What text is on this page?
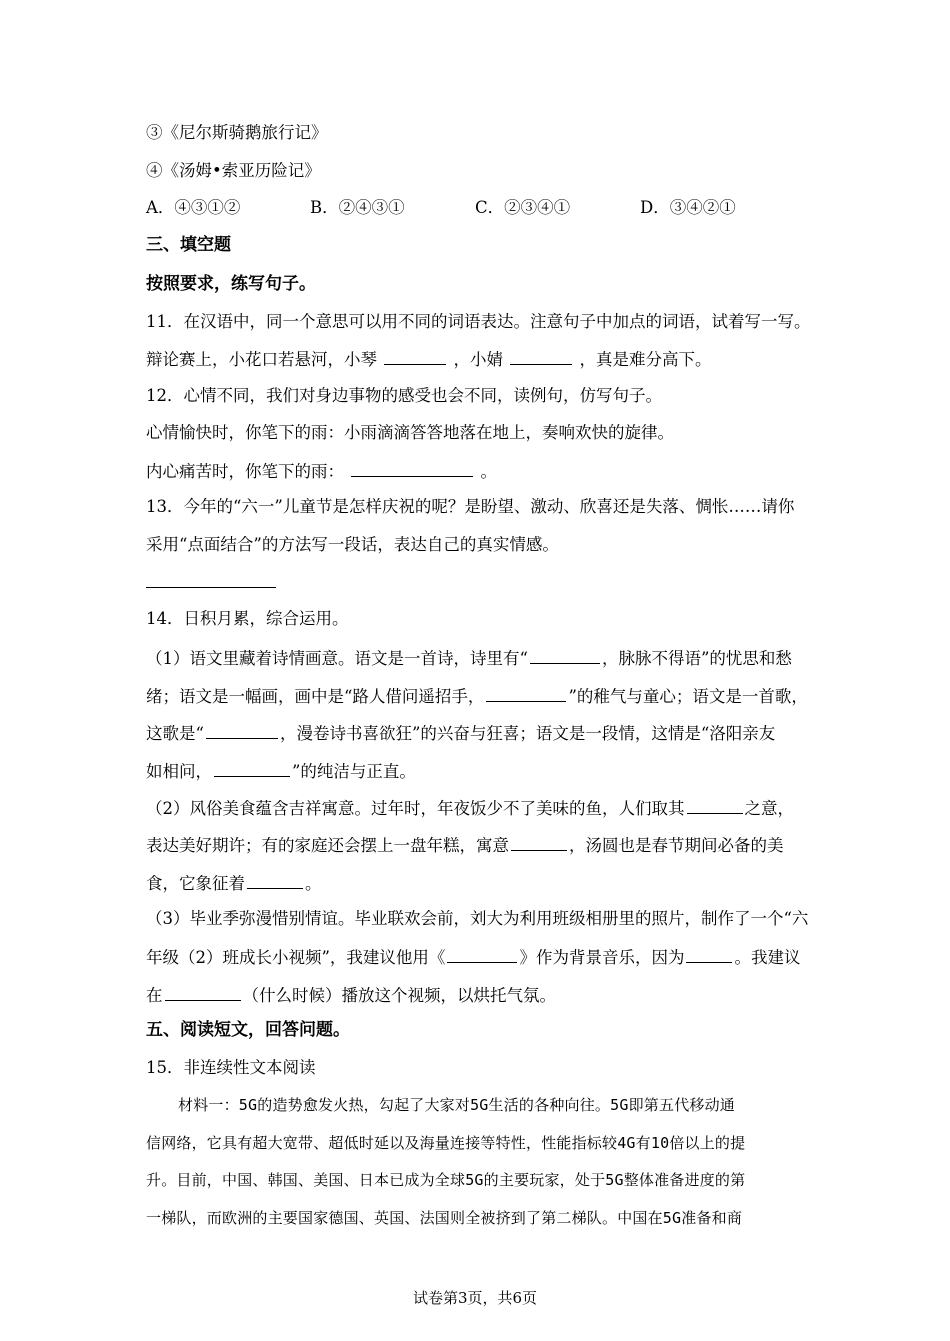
③《尼尔斯骑鹅旅行记》
④《汤姆•索亚历险记》
A．④③①②	B．②④③①	C．②③④①	D．③④②①
三、填空题
按照要求，练写句子。
11．在汉语中，同一个意思可以用不同的词语表达。注意句子中加点的词语，试着写一写。
辩论赛上，小花口若悬河，小琴	，小婧	，真是难分高下。
12．心情不同，我们对身边事物的感受也会不同，读例句，仿写句子。
心情愉快时，你笔下的雨：小雨滴滴答答地落在地上，奏响欢快的旋律。
内心痛苦时，你笔下的雨：	。
13．今年的“六一”儿童节是怎样庆祝的呢？是盼望、激动、欣喜还是失落、惆怅……请你
采用“点面结合”的方法写一段话，表达自己的真实情感。
14．日积月累，综合运用。
（1）语文里藏着诗情画意。语文是一首诗，诗里有“	，脉脉不得语”的忧思和愁
绪；语文是一幅画，画中是“路人借问遥招手，	”的稚气与童心；语文是一首歌，
这歌是“	，漫卷诗书喜欲狂”的兴奋与狂喜；语文是一段情，这情是“洛阳亲友
如相问，	”的纯洁与正直。
（2）风俗美食蕴含吉祥寓意。过年时，年夜饭少不了美味的鱼，人们取其	之意，
表达美好期许；有的家庭还会摆上一盘年糕，寓意	，汤圆也是春节期间必备的美
食，它象征着	。
（3）毕业季弥漫惜别情谊。毕业联欢会前，刘大为利用班级相册里的照片，制作了一个“六
年级（2）班成长小视频”，我建议他用《	》作为背景音乐，因为	。我建议
在	（什么时候）播放这个视频，以烘托气氛。
五、阅读短文，回答问题。
15．非连续性文本阅读
材料一：5G的造势愈发火热，勾起了大家对5G生活的各种向往。5G即第五代移动通
信网络，它具有超大宽带、超低时延以及海量连接等特性，性能指标较4G有10倍以上的提
升。目前，中国、韩国、美国、日本已成为全球5G的主要玩家，处于5G整体准备进度的第
一梯队，而欧洲的主要国家德国、英国、法国则全被挤到了第二梯队。中国在5G准备和商
试卷第3页，共6页
